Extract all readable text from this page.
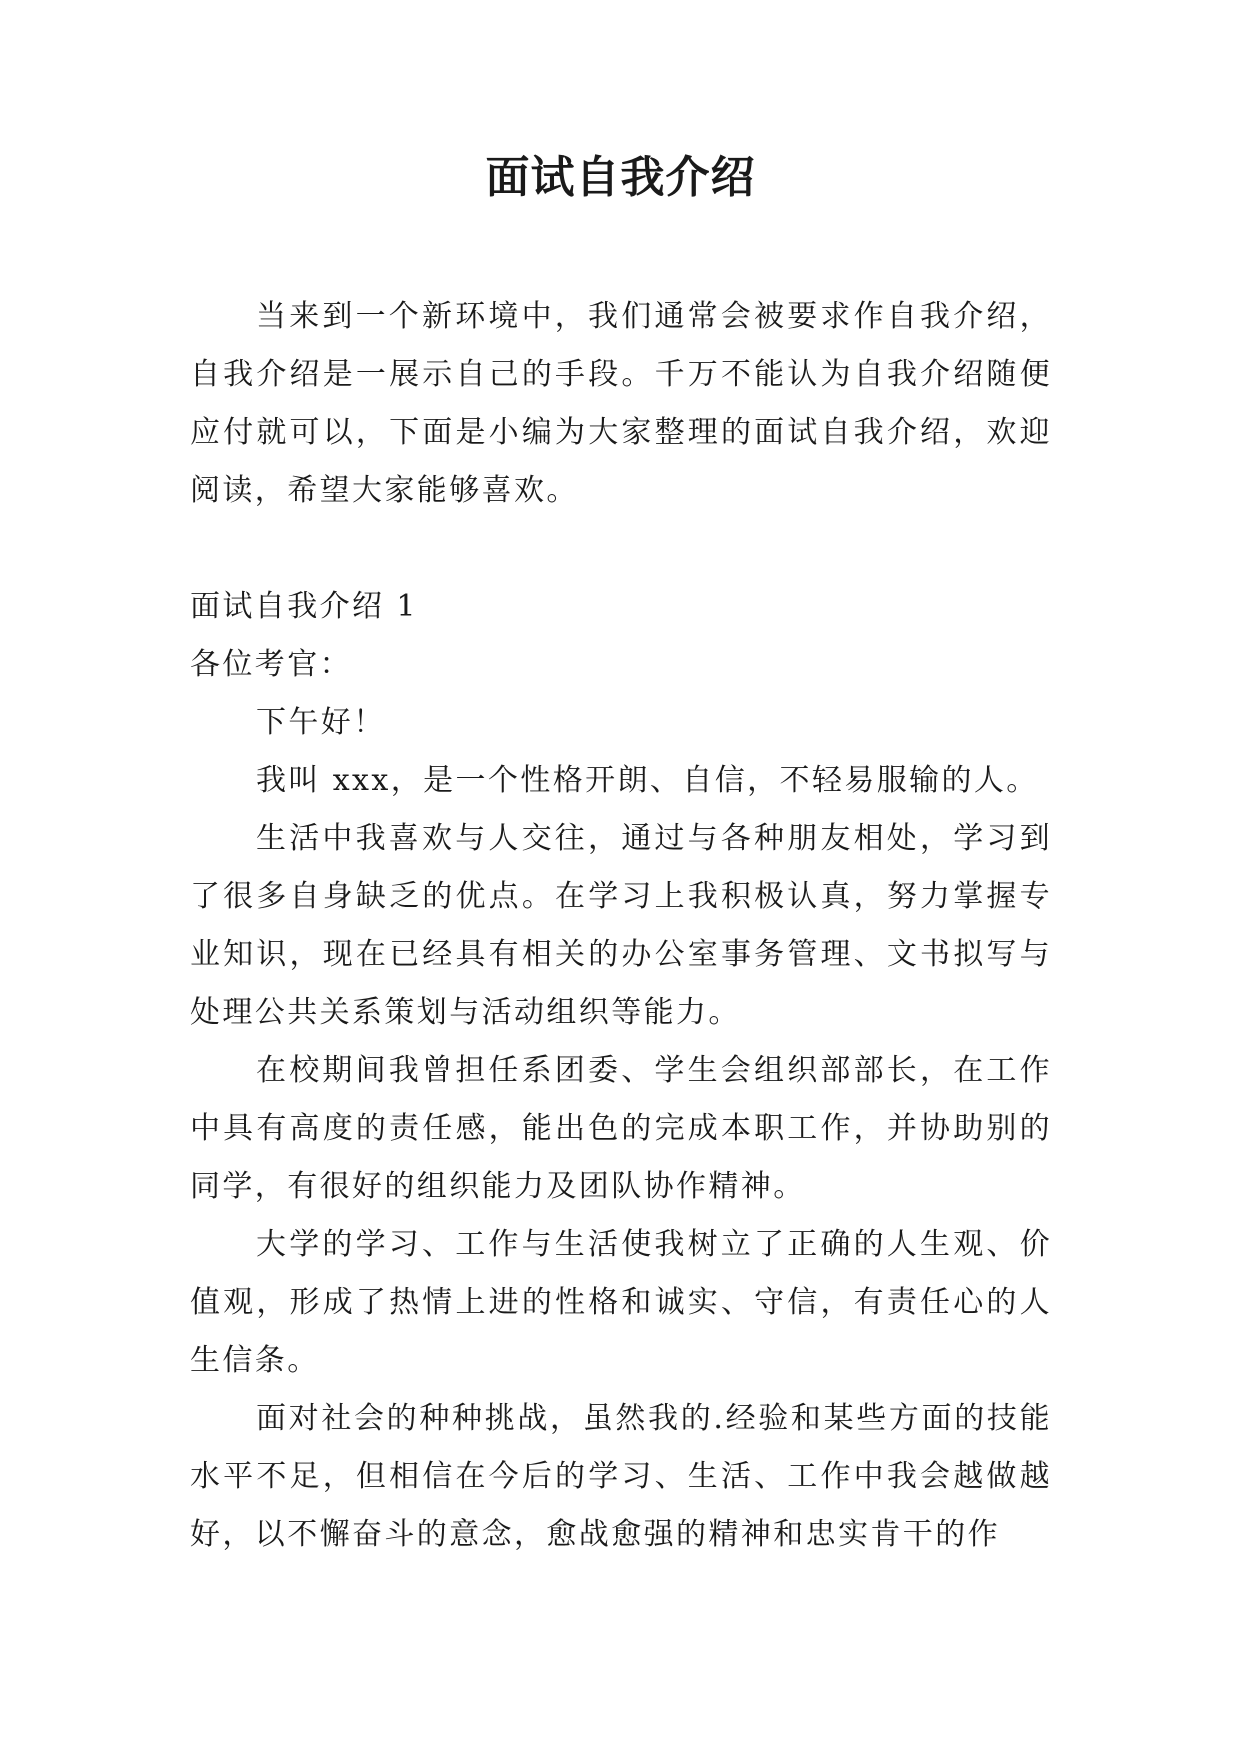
面试自我介绍

当来到一个新环境中，我们通常会被要求作自我介绍，自我介绍是一展示自己的手段。千万不能认为自我介绍随便应付就可以，下面是小编为大家整理的面试自我介绍，欢迎阅读，希望大家能够喜欢。

面试自我介绍 1

各位考官：

下午好！

我叫 xxx，是一个性格开朗、自信，不轻易服输的人。

生活中我喜欢与人交往，通过与各种朋友相处，学习到了很多自身缺乏的优点。在学习上我积极认真，努力掌握专业知识，现在已经具有相关的办公室事务管理、文书拟写与处理公共关系策划与活动组织等能力。

在校期间我曾担任系团委、学生会组织部部长，在工作中具有高度的责任感，能出色的完成本职工作，并协助别的同学，有很好的组织能力及团队协作精神。

大学的学习、工作与生活使我树立了正确的人生观、价值观，形成了热情上进的性格和诚实、守信，有责任心的人生信条。

面对社会的种种挑战，虽然我的.经验和某些方面的技能水平不足，但相信在今后的学习、生活、工作中我会越做越好，以不懈奋斗的意念，愈战愈强的精神和忠实肯干的作
